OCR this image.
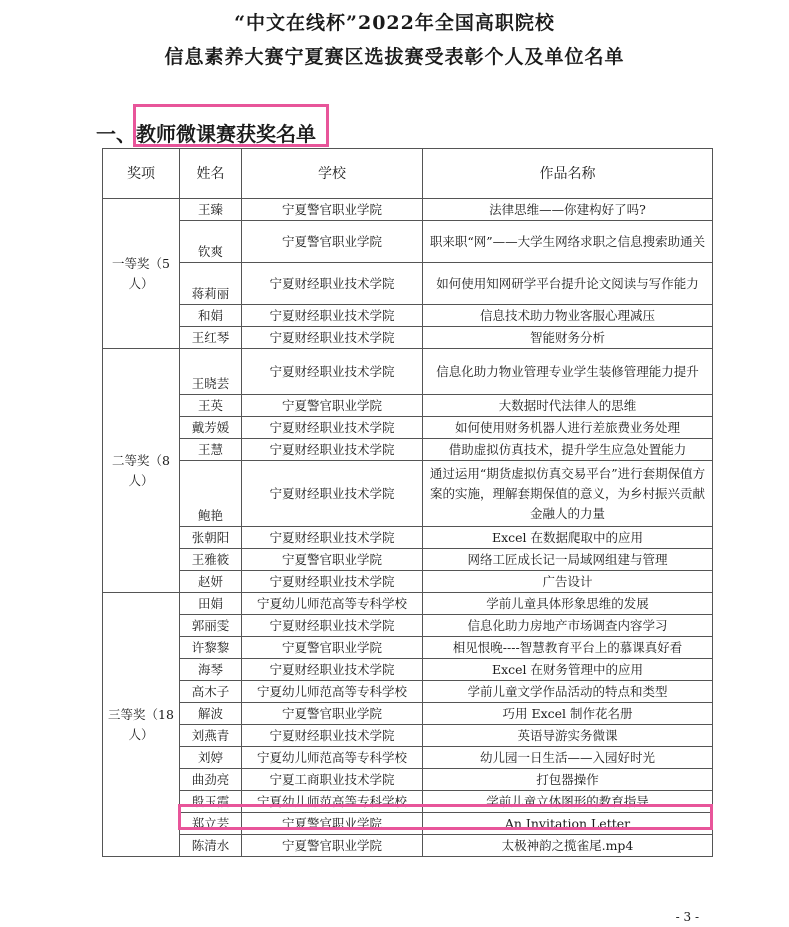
“中文在线杯”2022年全国高职院校
信息素养大赛宁夏赛区选拔赛受表彰个人及单位名单
一、教师微课赛获奖名单
奖项	姓名	学校	作品名称
一等奖（5人）	王臻	宁夏警官职业学院	法律思维——你建构好了吗?
	钦爽	宁夏警官职业学院	职来职“网”——大学生网络求职之信息搜索助通关
	蒋莉丽	宁夏财经职业技术学院	如何使用知网研学平台提升论文阅读与写作能力
	和娟	宁夏财经职业技术学院	信息技术助力物业客服心理减压
	王红琴	宁夏财经职业技术学院	智能财务分析
二等奖（8人）	王晓芸	宁夏财经职业技术学院	信息化助力物业管理专业学生装修管理能力提升
	王英	宁夏警官职业学院	大数据时代法律人的思维
	戴芳媛	宁夏财经职业技术学院	如何使用财务机器人进行差旅费业务处理
	王慧	宁夏财经职业技术学院	借助虚拟仿真技术，提升学生应急处置能力
	鲍艳	宁夏财经职业技术学院	通过运用“期货虚拟仿真交易平台”进行套期保值方案的实施，理解套期保值的意义，为乡村振兴贡献金融人的力量
	张朝阳	宁夏财经职业技术学院	Excel 在数据爬取中的应用
	王雅筱	宁夏警官职业学院	网络工匠成长记一局域网组建与管理
	赵妍	宁夏财经职业技术学院	广告设计
三等奖（18人）	田娟	宁夏幼儿师范高等专科学校	学前儿童具体形象思维的发展
	郭丽雯	宁夏财经职业技术学院	信息化助力房地产市场调查内容学习
	许黎黎	宁夏警官职业学院	相见恨晚----智慧教育平台上的慕课真好看
	海琴	宁夏财经职业技术学院	Excel 在财务管理中的应用
	高木子	宁夏幼儿师范高等专科学校	学前儿童文学作品活动的特点和类型
	解波	宁夏警官职业学院	巧用 Excel 制作花名册
	刘燕青	宁夏财经职业技术学院	英语导游实务微课
	刘婷	宁夏幼儿师范高等专科学校	幼儿园一日生活——入园好时光
	曲劲亮	宁夏工商职业技术学院	打包器操作
	殷玉霞	宁夏幼儿师范高等专科学校	学前儿童立体图形的教育指导
	郑立芸	宁夏警官职业学院	An Invitation Letter
	陈清水	宁夏警官职业学院	太极神韵之揽雀尾.mp4
- 3 -
